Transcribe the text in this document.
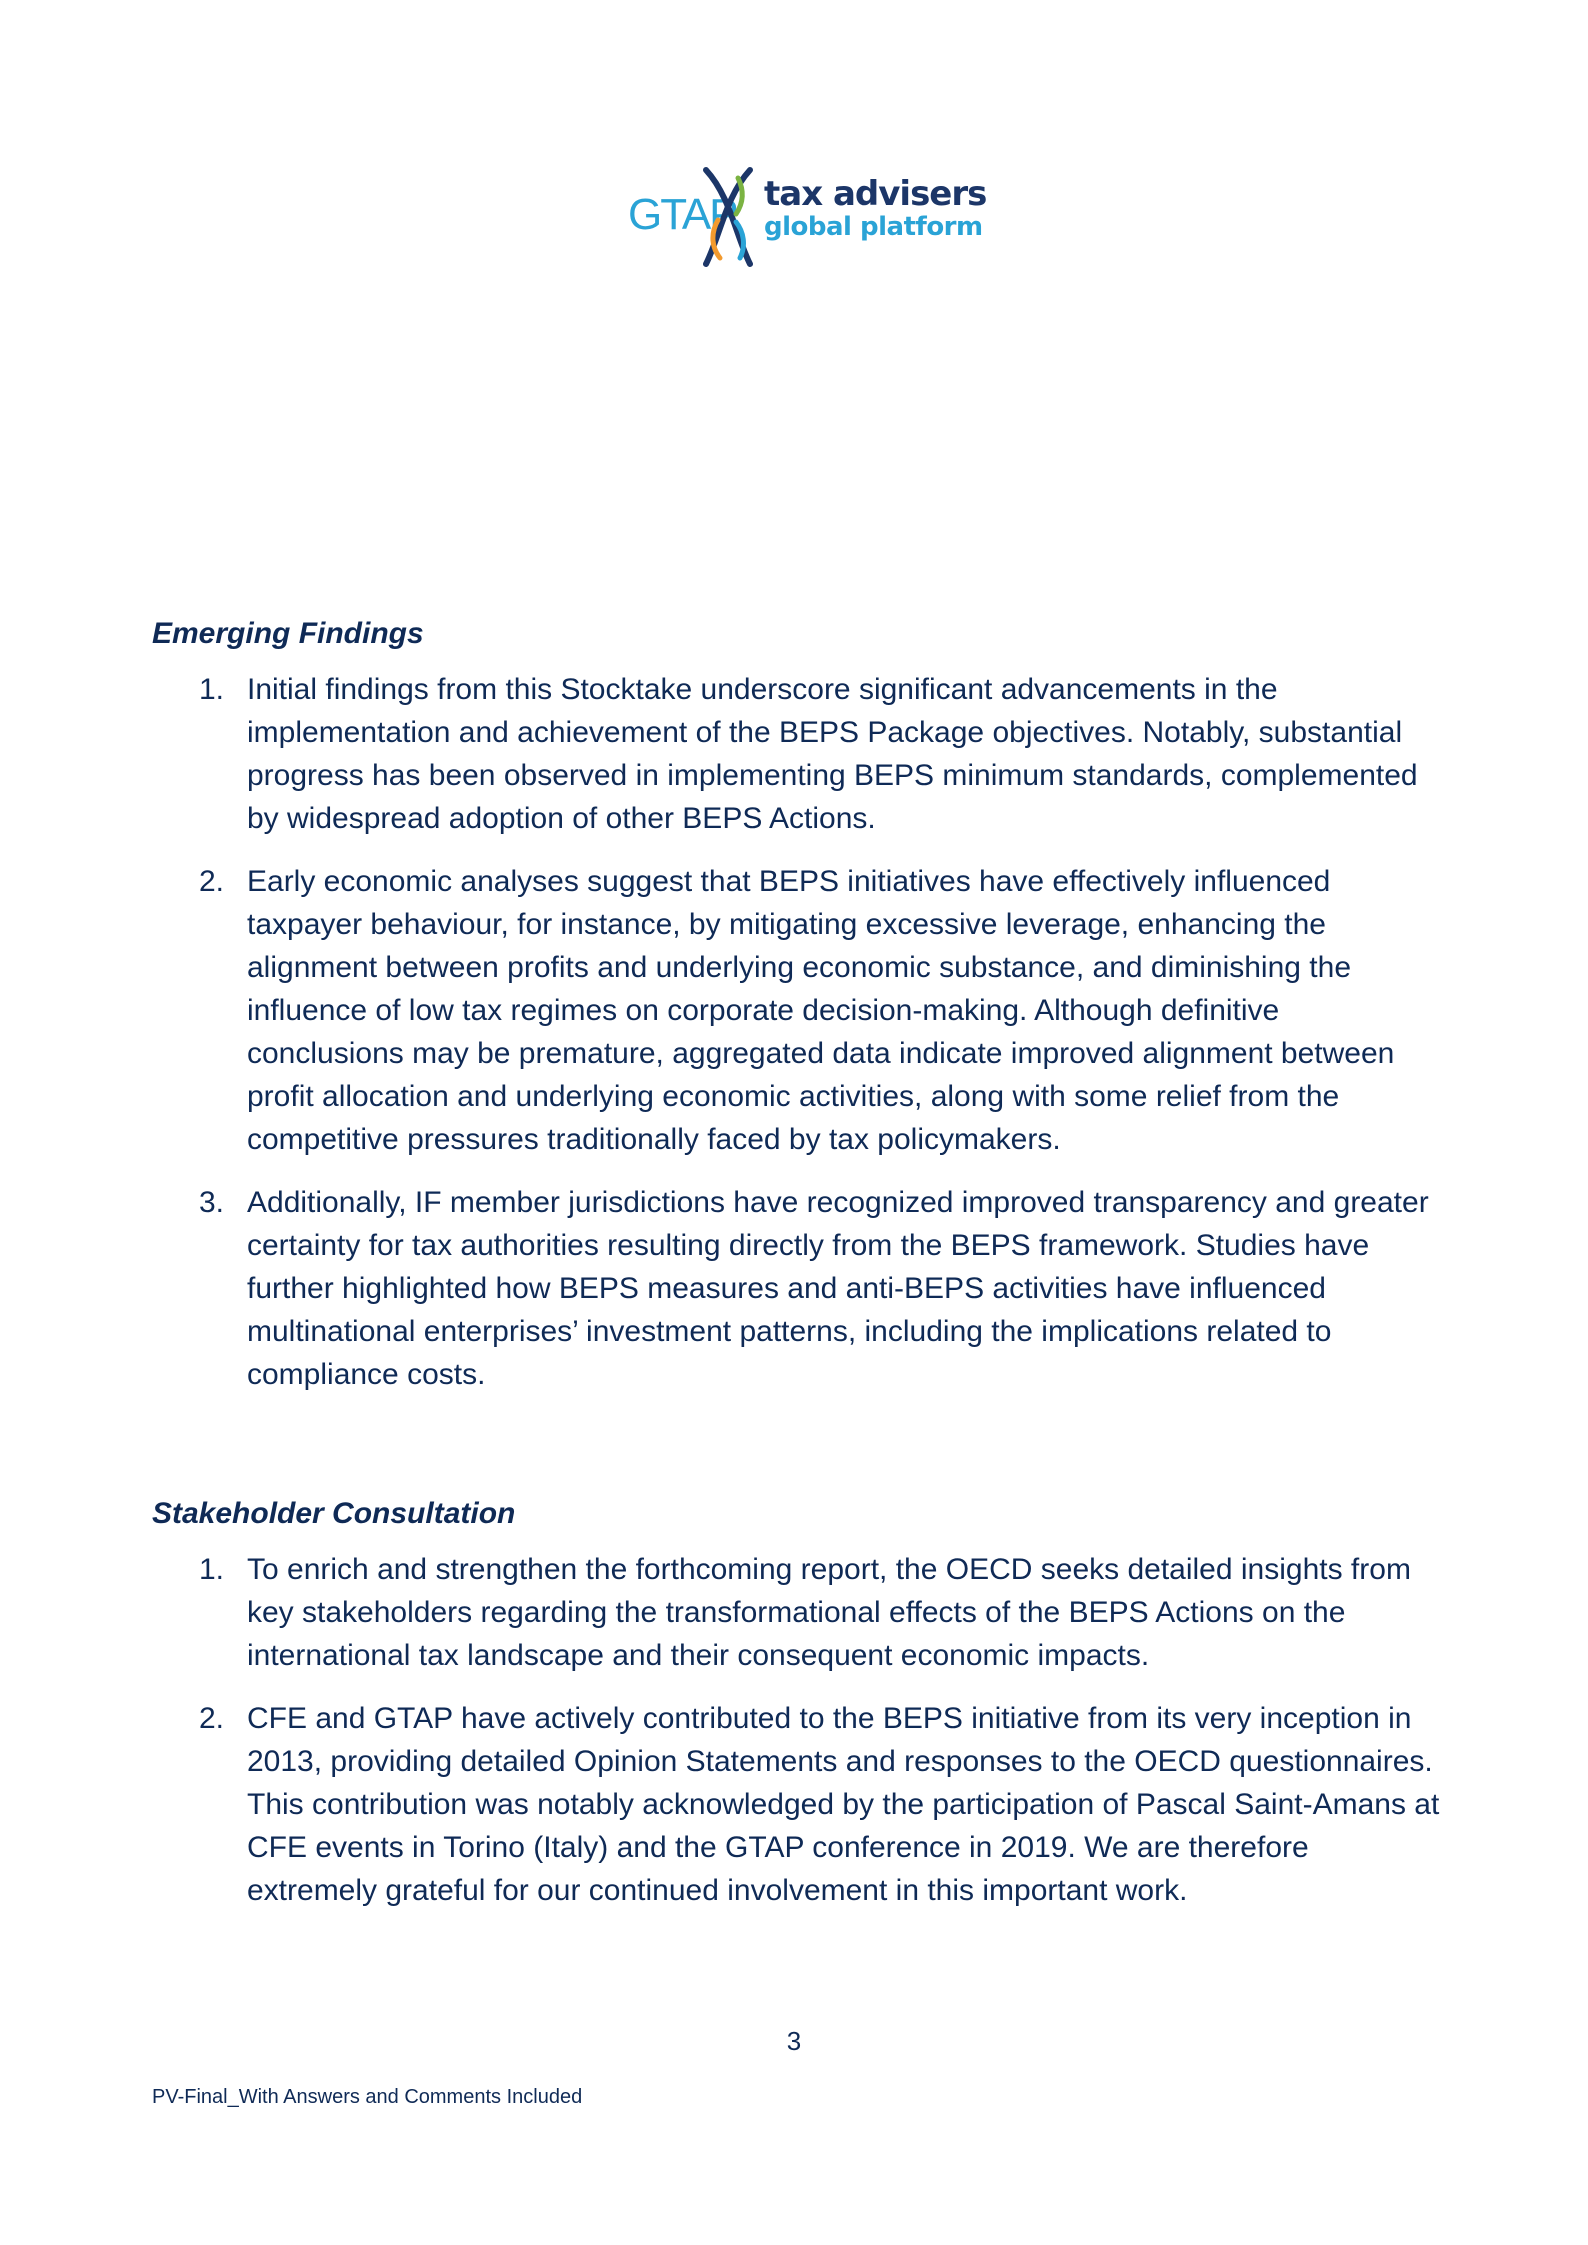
GTAP tax advisers
global platform
Emerging Findings
1. Initial findings from this Stocktake underscore significant advancements in the implementation and achievement of the BEPS Package objectives. Notably, substantial progress has been observed in implementing BEPS minimum standards, complemented by widespread adoption of other BEPS Actions.
2. Early economic analyses suggest that BEPS initiatives have effectively influenced taxpayer behaviour, for instance, by mitigating excessive leverage, enhancing the alignment between profits and underlying economic substance, and diminishing the influence of low tax regimes on corporate decision-making. Although definitive conclusions may be premature, aggregated data indicate improved alignment between profit allocation and underlying economic activities, along with some relief from the competitive pressures traditionally faced by tax policymakers.
3. Additionally, IF member jurisdictions have recognized improved transparency and greater certainty for tax authorities resulting directly from the BEPS framework. Studies have further highlighted how BEPS measures and anti-BEPS activities have influenced multinational enterprises’ investment patterns, including the implications related to compliance costs.
Stakeholder Consultation
1. To enrich and strengthen the forthcoming report, the OECD seeks detailed insights from key stakeholders regarding the transformational effects of the BEPS Actions on the international tax landscape and their consequent economic impacts.
2. CFE and GTAP have actively contributed to the BEPS initiative from its very inception in 2013, providing detailed Opinion Statements and responses to the OECD questionnaires. This contribution was notably acknowledged by the participation of Pascal Saint-Amans at CFE events in Torino (Italy) and the GTAP conference in 2019. We are therefore extremely grateful for our continued involvement in this important work.
3
PV-Final_With Answers and Comments Included
